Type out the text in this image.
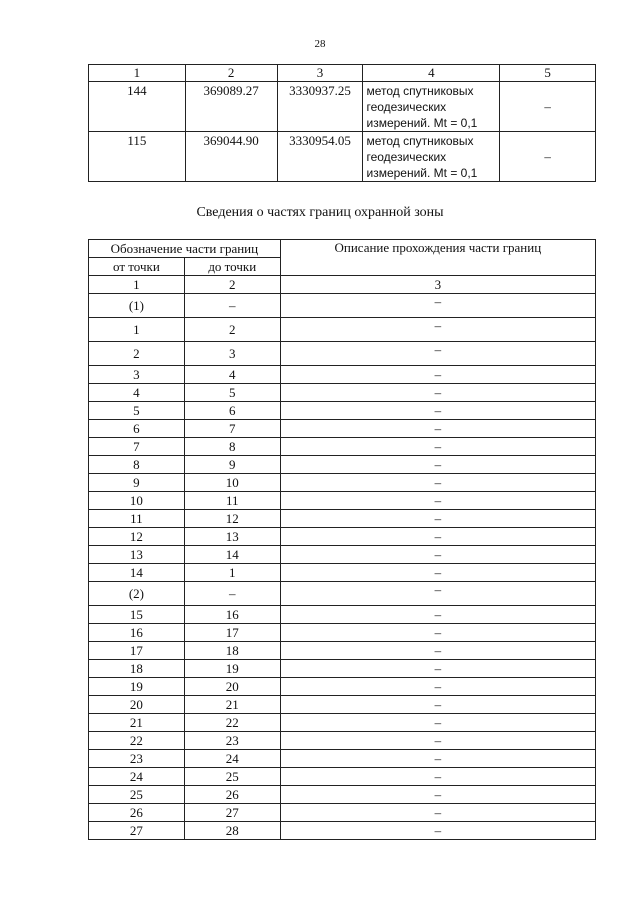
28
1	2	3	4	5
144	369089.27	3330937.25	метод спутниковых
геодезических
измерений. Mt = 0,1	–
115	369044.90	3330954.05	метод спутниковых
геодезических
измерений. Mt = 0,1	–
Сведения о частях границ охранной зоны
Обозначение части границ		Описание прохождения части границ
от точки	до точки	
1	2	3
(1)	–	–
1	2	–
2	3	–
3	4	–
4	5	–
5	6	–
6	7	–
7	8	–
8	9	–
9	10	–
10	11	–
11	12	–
12	13	–
13	14	–
14	1	–
(2)	–	–
15	16	–
16	17	–
17	18	–
18	19	–
19	20	–
20	21	–
21	22	–
22	23	–
23	24	–
24	25	–
25	26	–
26	27	–
27	28	–
